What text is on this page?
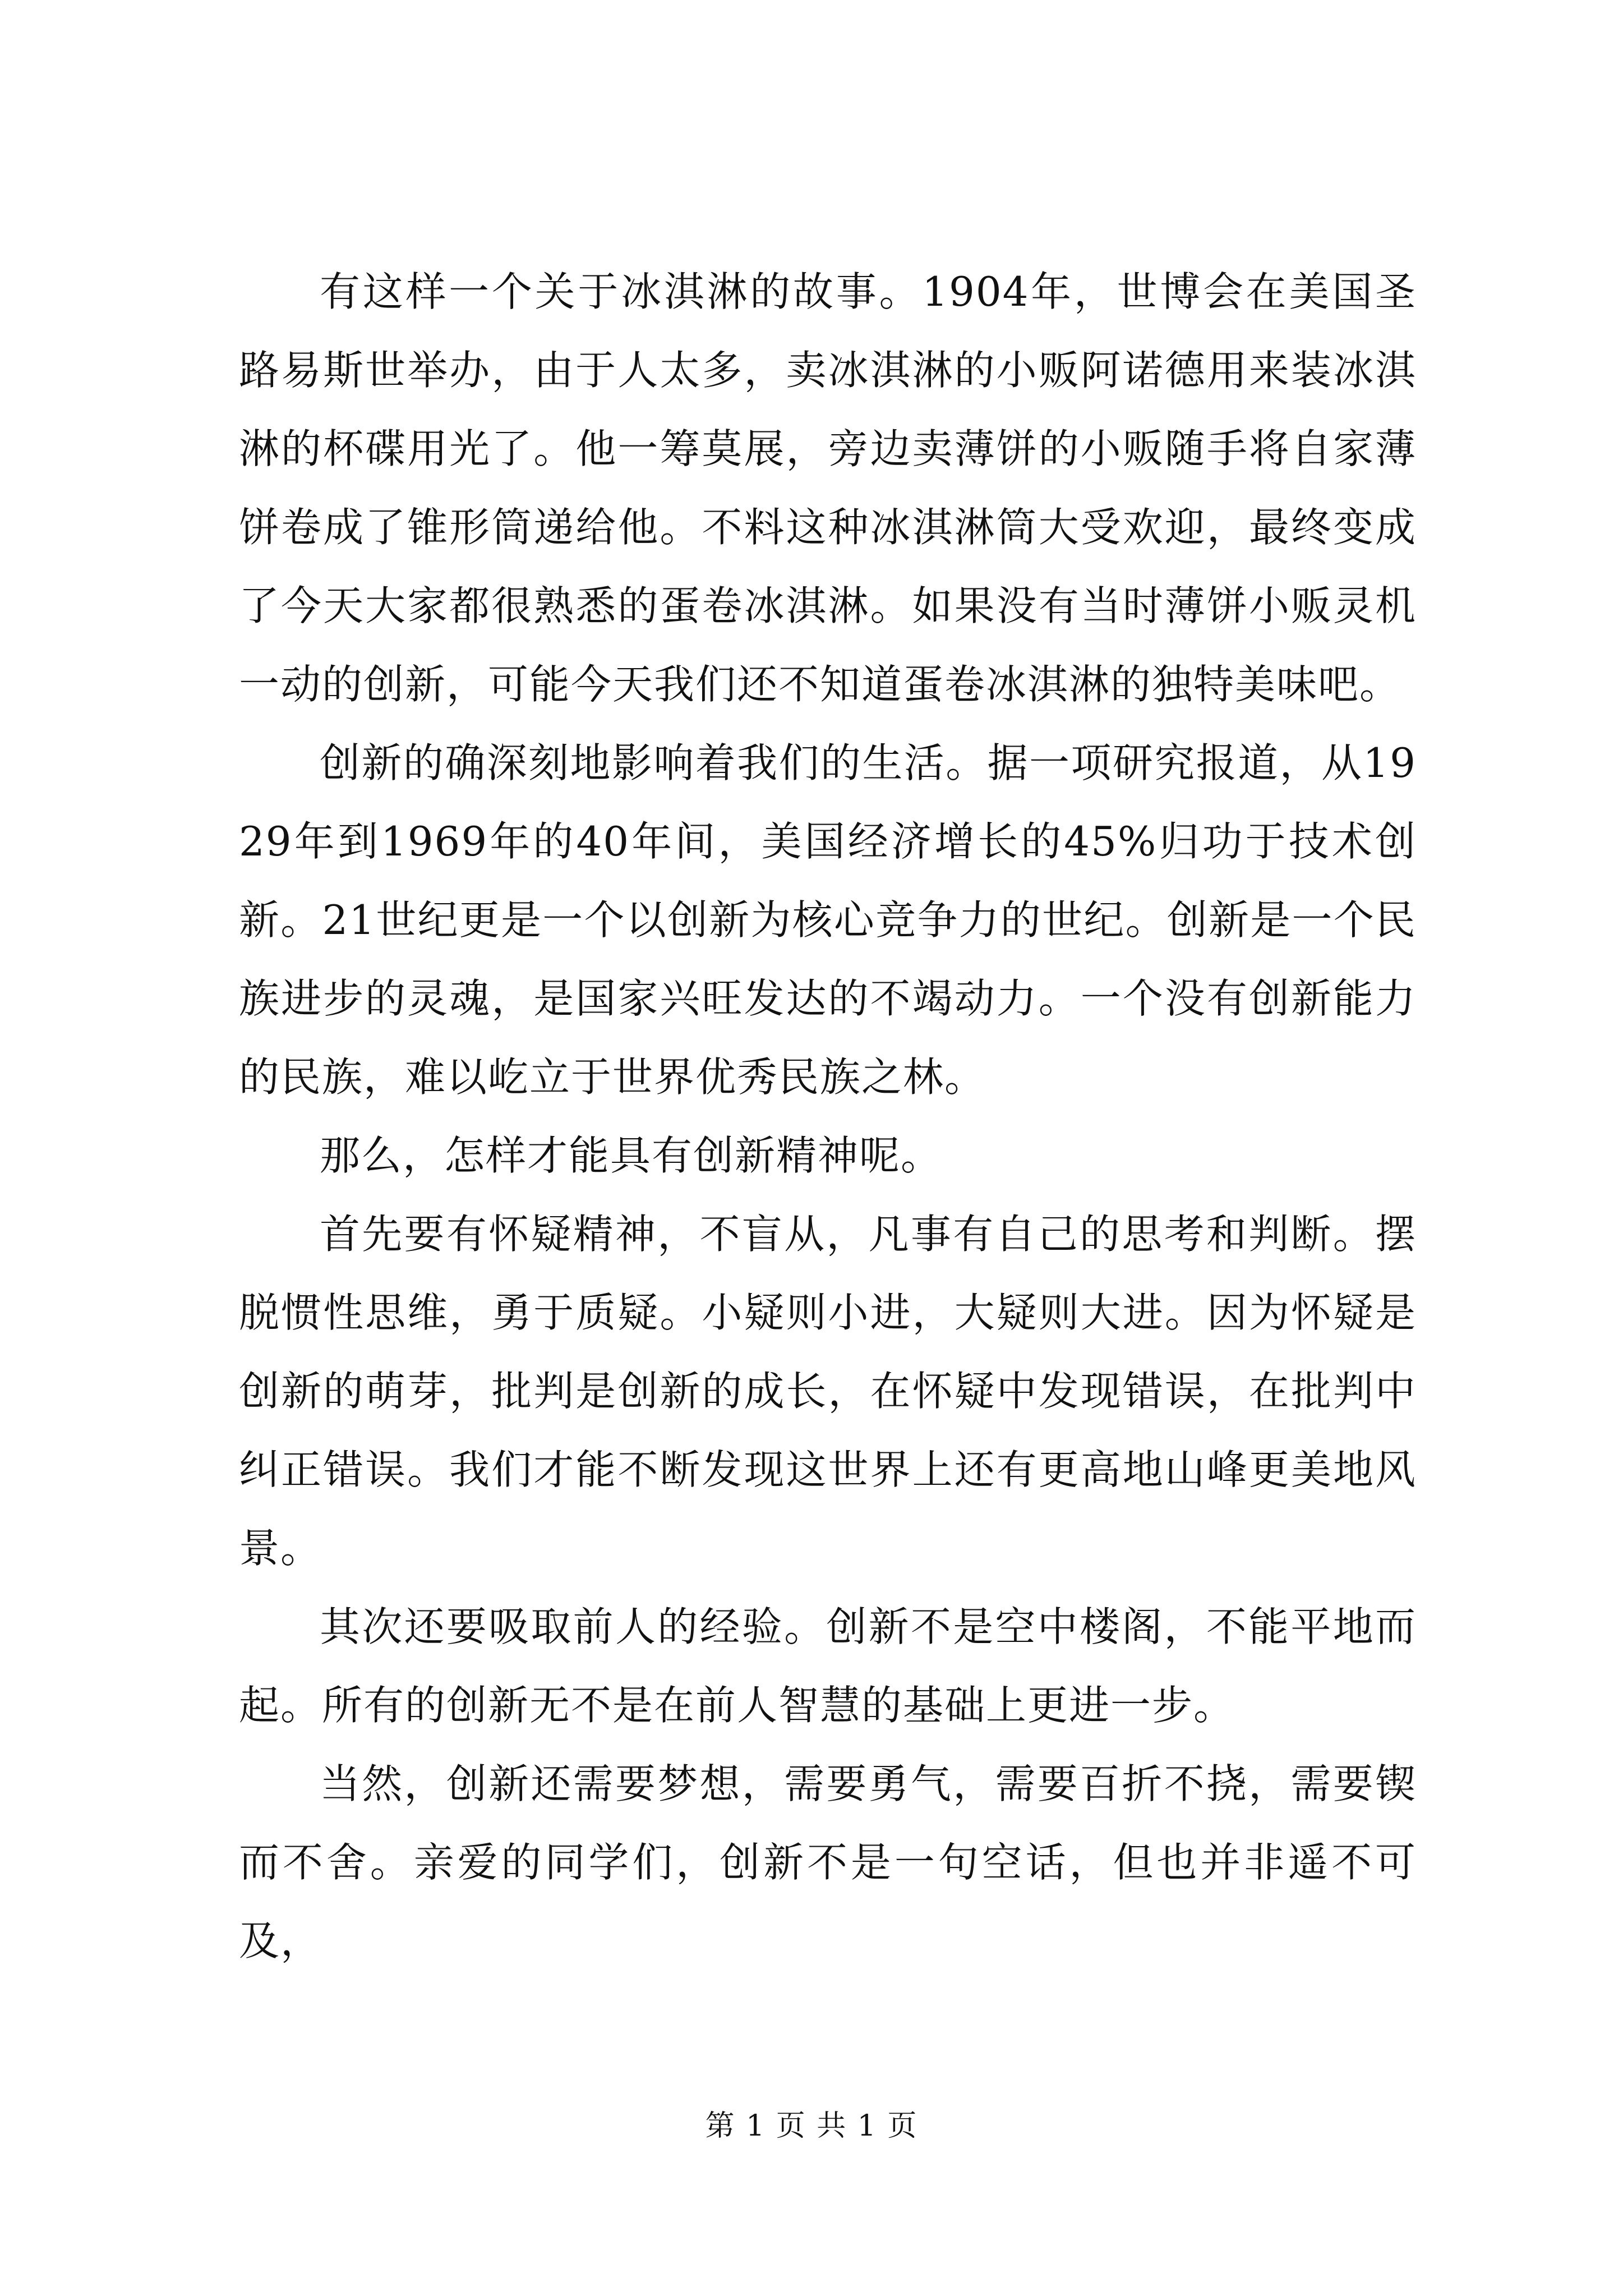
有这样一个关于冰淇淋的故事。1904年，世博会在美国圣路易斯世举办，由于人太多，卖冰淇淋的小贩阿诺德用来装冰淇淋的杯碟用光了。他一筹莫展，旁边卖薄饼的小贩随手将自家薄饼卷成了锥形筒递给他。不料这种冰淇淋筒大受欢迎，最终变成了今天大家都很熟悉的蛋卷冰淇淋。如果没有当时薄饼小贩灵机一动的创新，可能今天我们还不知道蛋卷冰淇淋的独特美味吧。

创新的确深刻地影响着我们的生活。据一项研究报道，从1929年到1969年的40年间，美国经济增长的45%归功于技术创新。21世纪更是一个以创新为核心竞争力的世纪。创新是一个民族进步的灵魂，是国家兴旺发达的不竭动力。一个没有创新能力的民族，难以屹立于世界优秀民族之林。

那么，怎样才能具有创新精神呢。

首先要有怀疑精神，不盲从，凡事有自己的思考和判断。摆脱惯性思维，勇于质疑。小疑则小进，大疑则大进。因为怀疑是创新的萌芽，批判是创新的成长，在怀疑中发现错误，在批判中纠正错误。我们才能不断发现这世界上还有更高地山峰更美地风景。

其次还要吸取前人的经验。创新不是空中楼阁，不能平地而起。所有的创新无不是在前人智慧的基础上更进一步。

当然，创新还需要梦想，需要勇气，需要百折不挠，需要锲而不舍。亲爱的同学们，创新不是一句空话，但也并非遥不可及，

第 1 页 共 1 页
